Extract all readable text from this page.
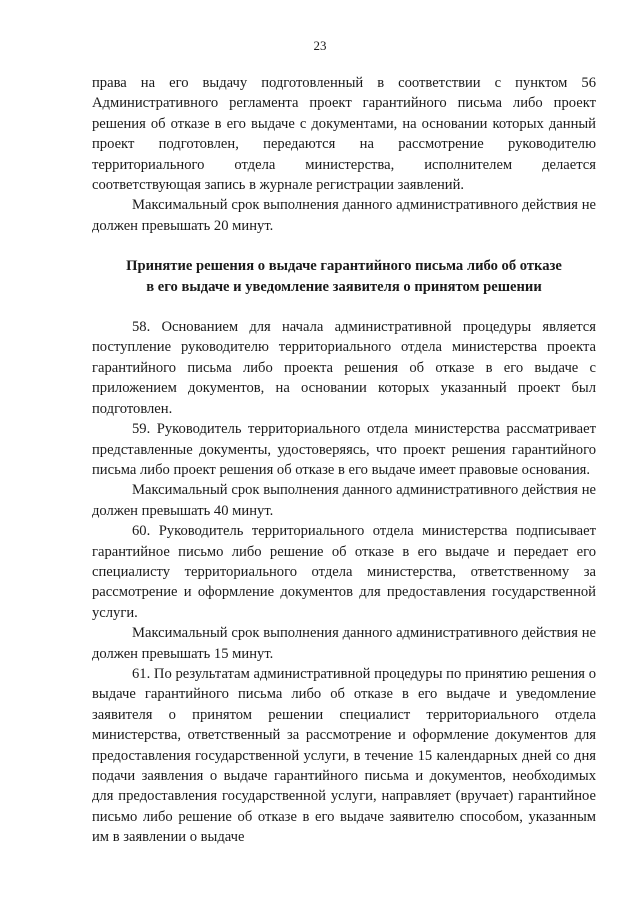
23

права на его выдачу подготовленный в соответствии с пунктом 56 Административного регламента проект гарантийного письма либо проект решения об отказе в его выдаче с документами, на основании которых данный проект подготовлен, передаются на рассмотрение руководителю территориального отдела министерства, исполнителем делается соответствующая запись в журнале регистрации заявлений.

Максимальный срок выполнения данного административного действия не должен превышать 20 минут.

Принятие решения о выдаче гарантийного письма либо об отказе
в его выдаче и уведомление заявителя о принятом решении

58. Основанием для начала административной процедуры является поступление руководителю территориального отдела министерства проекта гарантийного письма либо проекта решения об отказе в его выдаче с приложением документов, на основании которых указанный проект был подготовлен.

59. Руководитель территориального отдела министерства рассматривает представленные документы, удостоверяясь, что проект решения гарантийного письма либо проект решения об отказе в его выдаче имеет правовые основания.

Максимальный срок выполнения данного административного действия не должен превышать 40 минут.

60. Руководитель территориального отдела министерства подписывает гарантийное письмо либо решение об отказе в его выдаче и передает его специалисту территориального отдела министерства, ответственному за рассмотрение и оформление документов для предоставления государственной услуги.

Максимальный срок выполнения данного административного действия не должен превышать 15 минут.

61. По результатам административной процедуры по принятию решения о выдаче гарантийного письма либо об отказе в его выдаче и уведомление заявителя о принятом решении специалист территориального отдела министерства, ответственный за рассмотрение и оформление документов для предоставления государственной услуги, в течение 15 календарных дней со дня подачи заявления о выдаче гарантийного письма и документов, необходимых для предоставления государственной услуги, направляет (вручает) гарантийное письмо либо решение об отказе в его выдаче заявителю способом, указанным им в заявлении о выдаче
